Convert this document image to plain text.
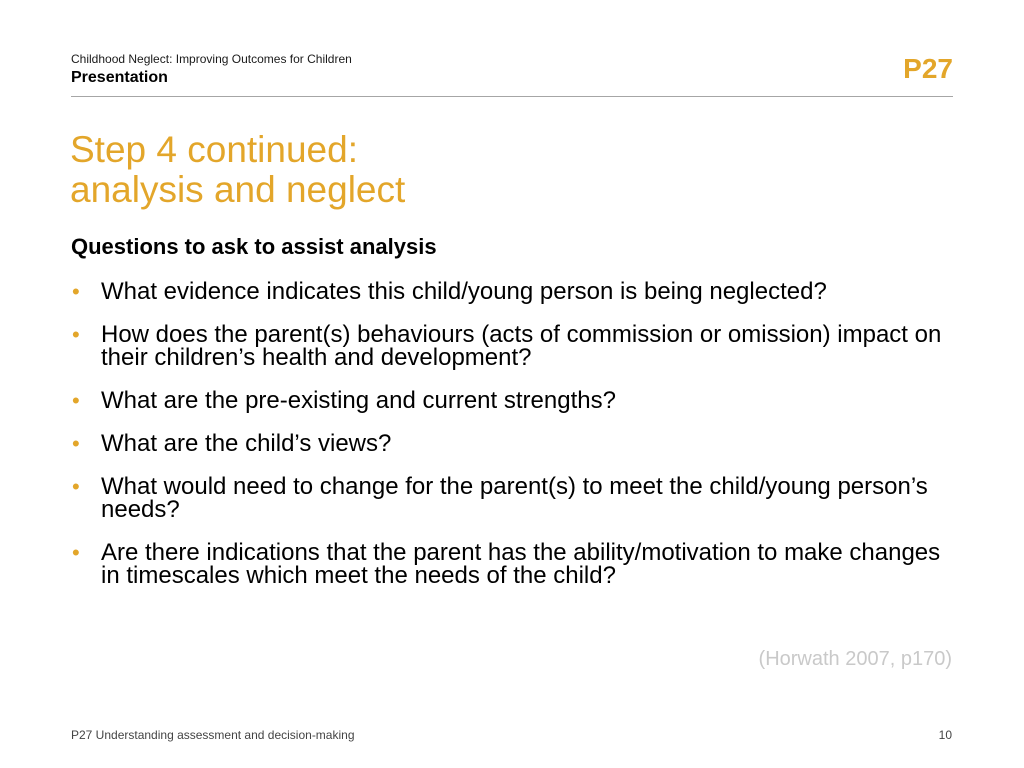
Childhood Neglect: Improving Outcomes for Children
Presentation	P27
Step 4 continued:
analysis and neglect
Questions to ask to assist analysis
• What evidence indicates this child/young person is being neglected?
• How does the parent(s) behaviours (acts of commission or omission) impact on their children’s health and development?
• What are the pre-existing and current strengths?
• What are the child’s views?
• What would need to change for the parent(s) to meet the child/young person’s needs?
• Are there indications that the parent has the ability/motivation to make changes in timescales which meet the needs of the child?
(Horwath 2007, p170)
P27 Understanding assessment and decision-making	10
